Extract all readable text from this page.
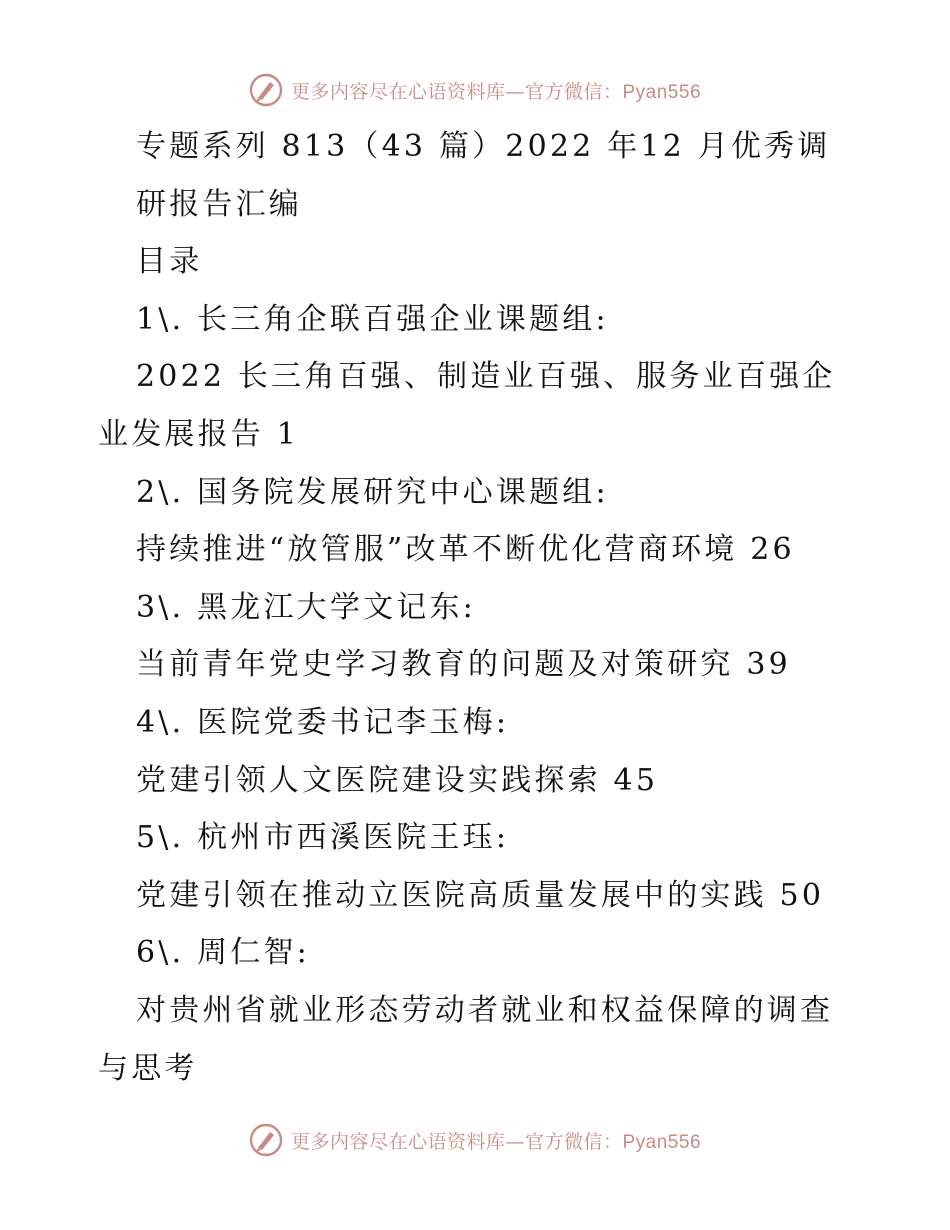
更多内容尽在心语资料库—官方微信：Pyan556
专题系列 813（43 篇）2022 年12 月优秀调
研报告汇编
目录
1\. 长三角企联百强企业课题组:
2022 长三角百强、制造业百强、服务业百强企
业发展报告 1
2\. 国务院发展研究中心课题组:
持续推进“放管服”改革不断优化营商环境 26
3\. 黑龙江大学文记东:
当前青年党史学习教育的问题及对策研究 39
4\. 医院党委书记李玉梅:
党建引领人文医院建设实践探索 45
5\. 杭州市西溪医院王珏:
党建引领在推动立医院高质量发展中的实践 50
6\. 周仁智:
对贵州省就业形态劳动者就业和权益保障的调查
与思考
更多内容尽在心语资料库—官方微信：Pyan556
